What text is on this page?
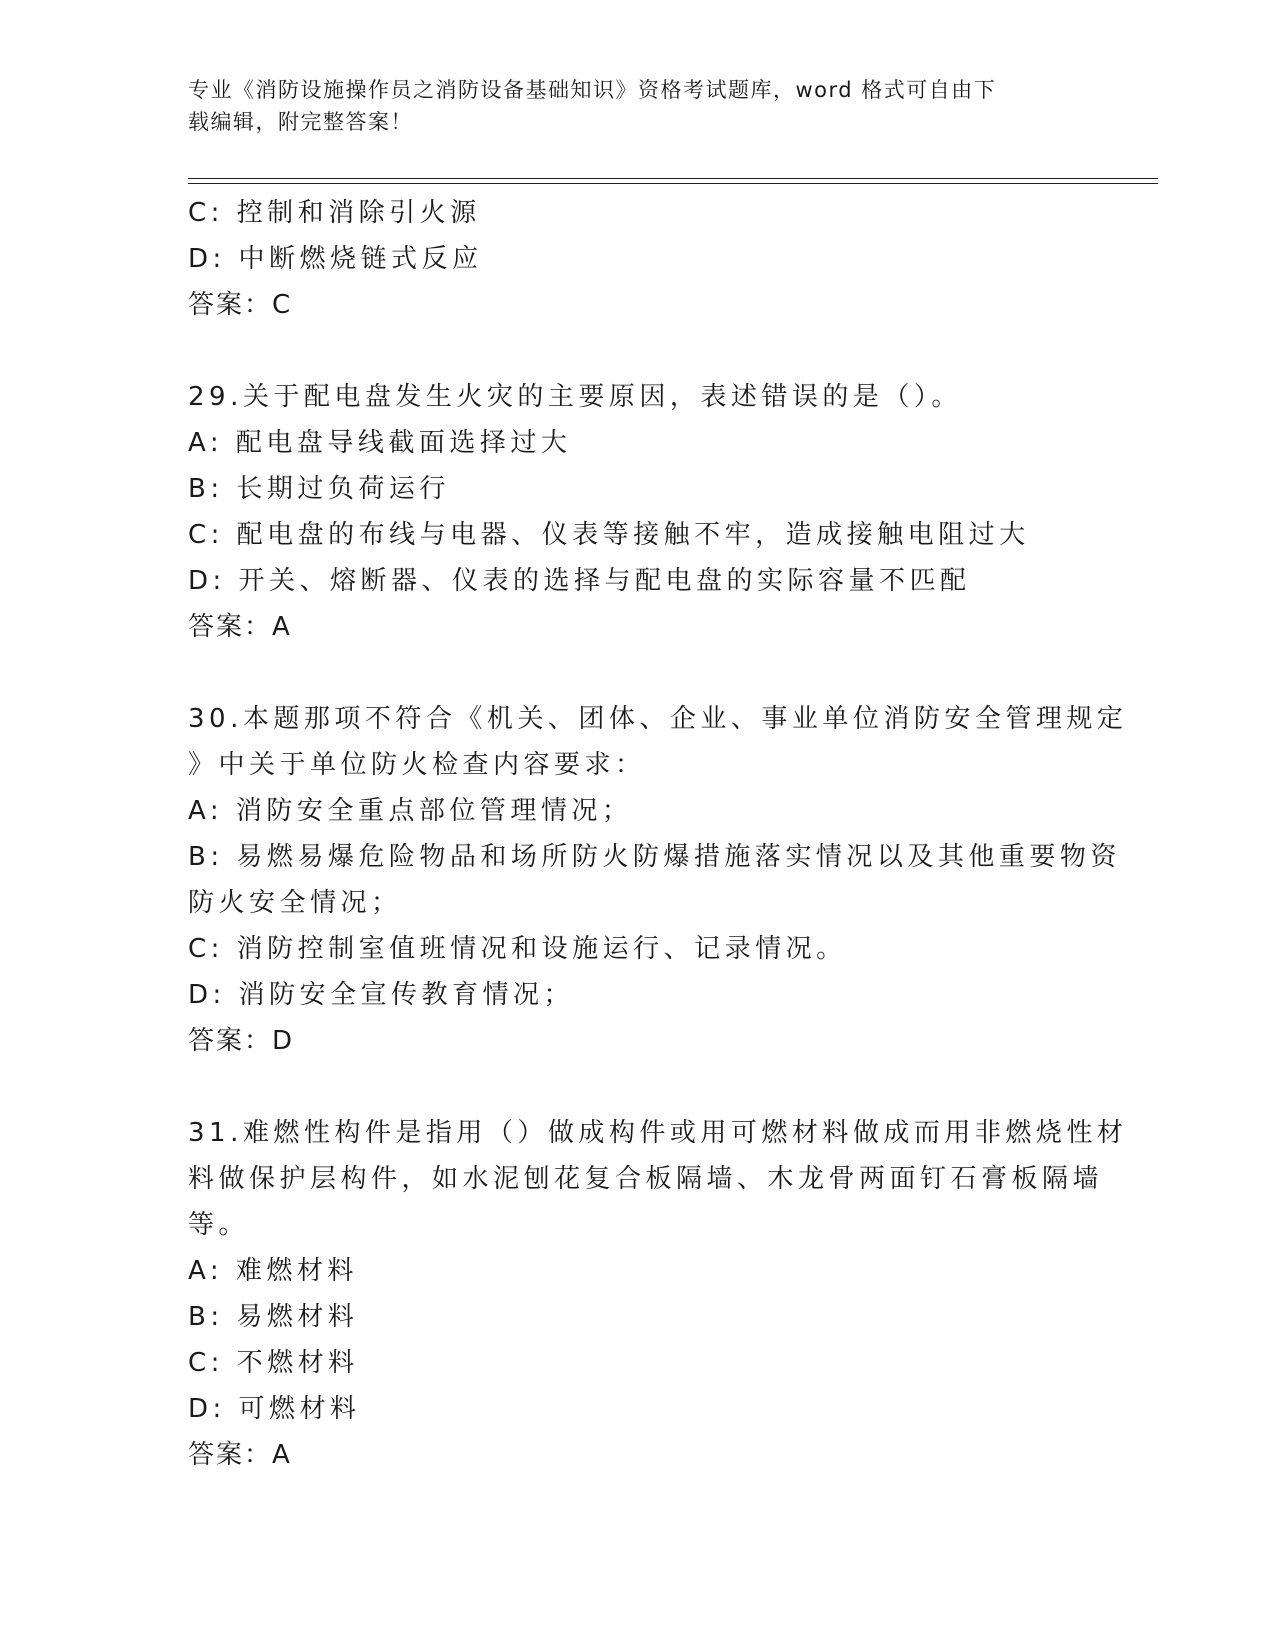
专业《消防设施操作员之消防设备基础知识》资格考试题库，word 格式可自由下
载编辑，附完整答案！
C: 控制和消除引火源
D: 中断燃烧链式反应
答案：C
29.关于配电盘发生火灾的主要原因，表述错误的是（）。
A: 配电盘导线截面选择过大
B: 长期过负荷运行
C: 配电盘的布线与电器、仪表等接触不牢，造成接触电阻过大
D: 开关、熔断器、仪表的选择与配电盘的实际容量不匹配
答案：A
30.本题那项不符合《机关、团体、企业、事业单位消防安全管理规定
》中关于单位防火检查内容要求：
A: 消防安全重点部位管理情况；
B: 易燃易爆危险物品和场所防火防爆措施落实情况以及其他重要物资
防火安全情况；
C: 消防控制室值班情况和设施运行、记录情况。
D: 消防安全宣传教育情况；
答案：D
31.难燃性构件是指用（）做成构件或用可燃材料做成而用非燃烧性材
料做保护层构件，如水泥刨花复合板隔墙、木龙骨两面钉石膏板隔墙
等。
A: 难燃材料
B: 易燃材料
C: 不燃材料
D: 可燃材料
答案：A
